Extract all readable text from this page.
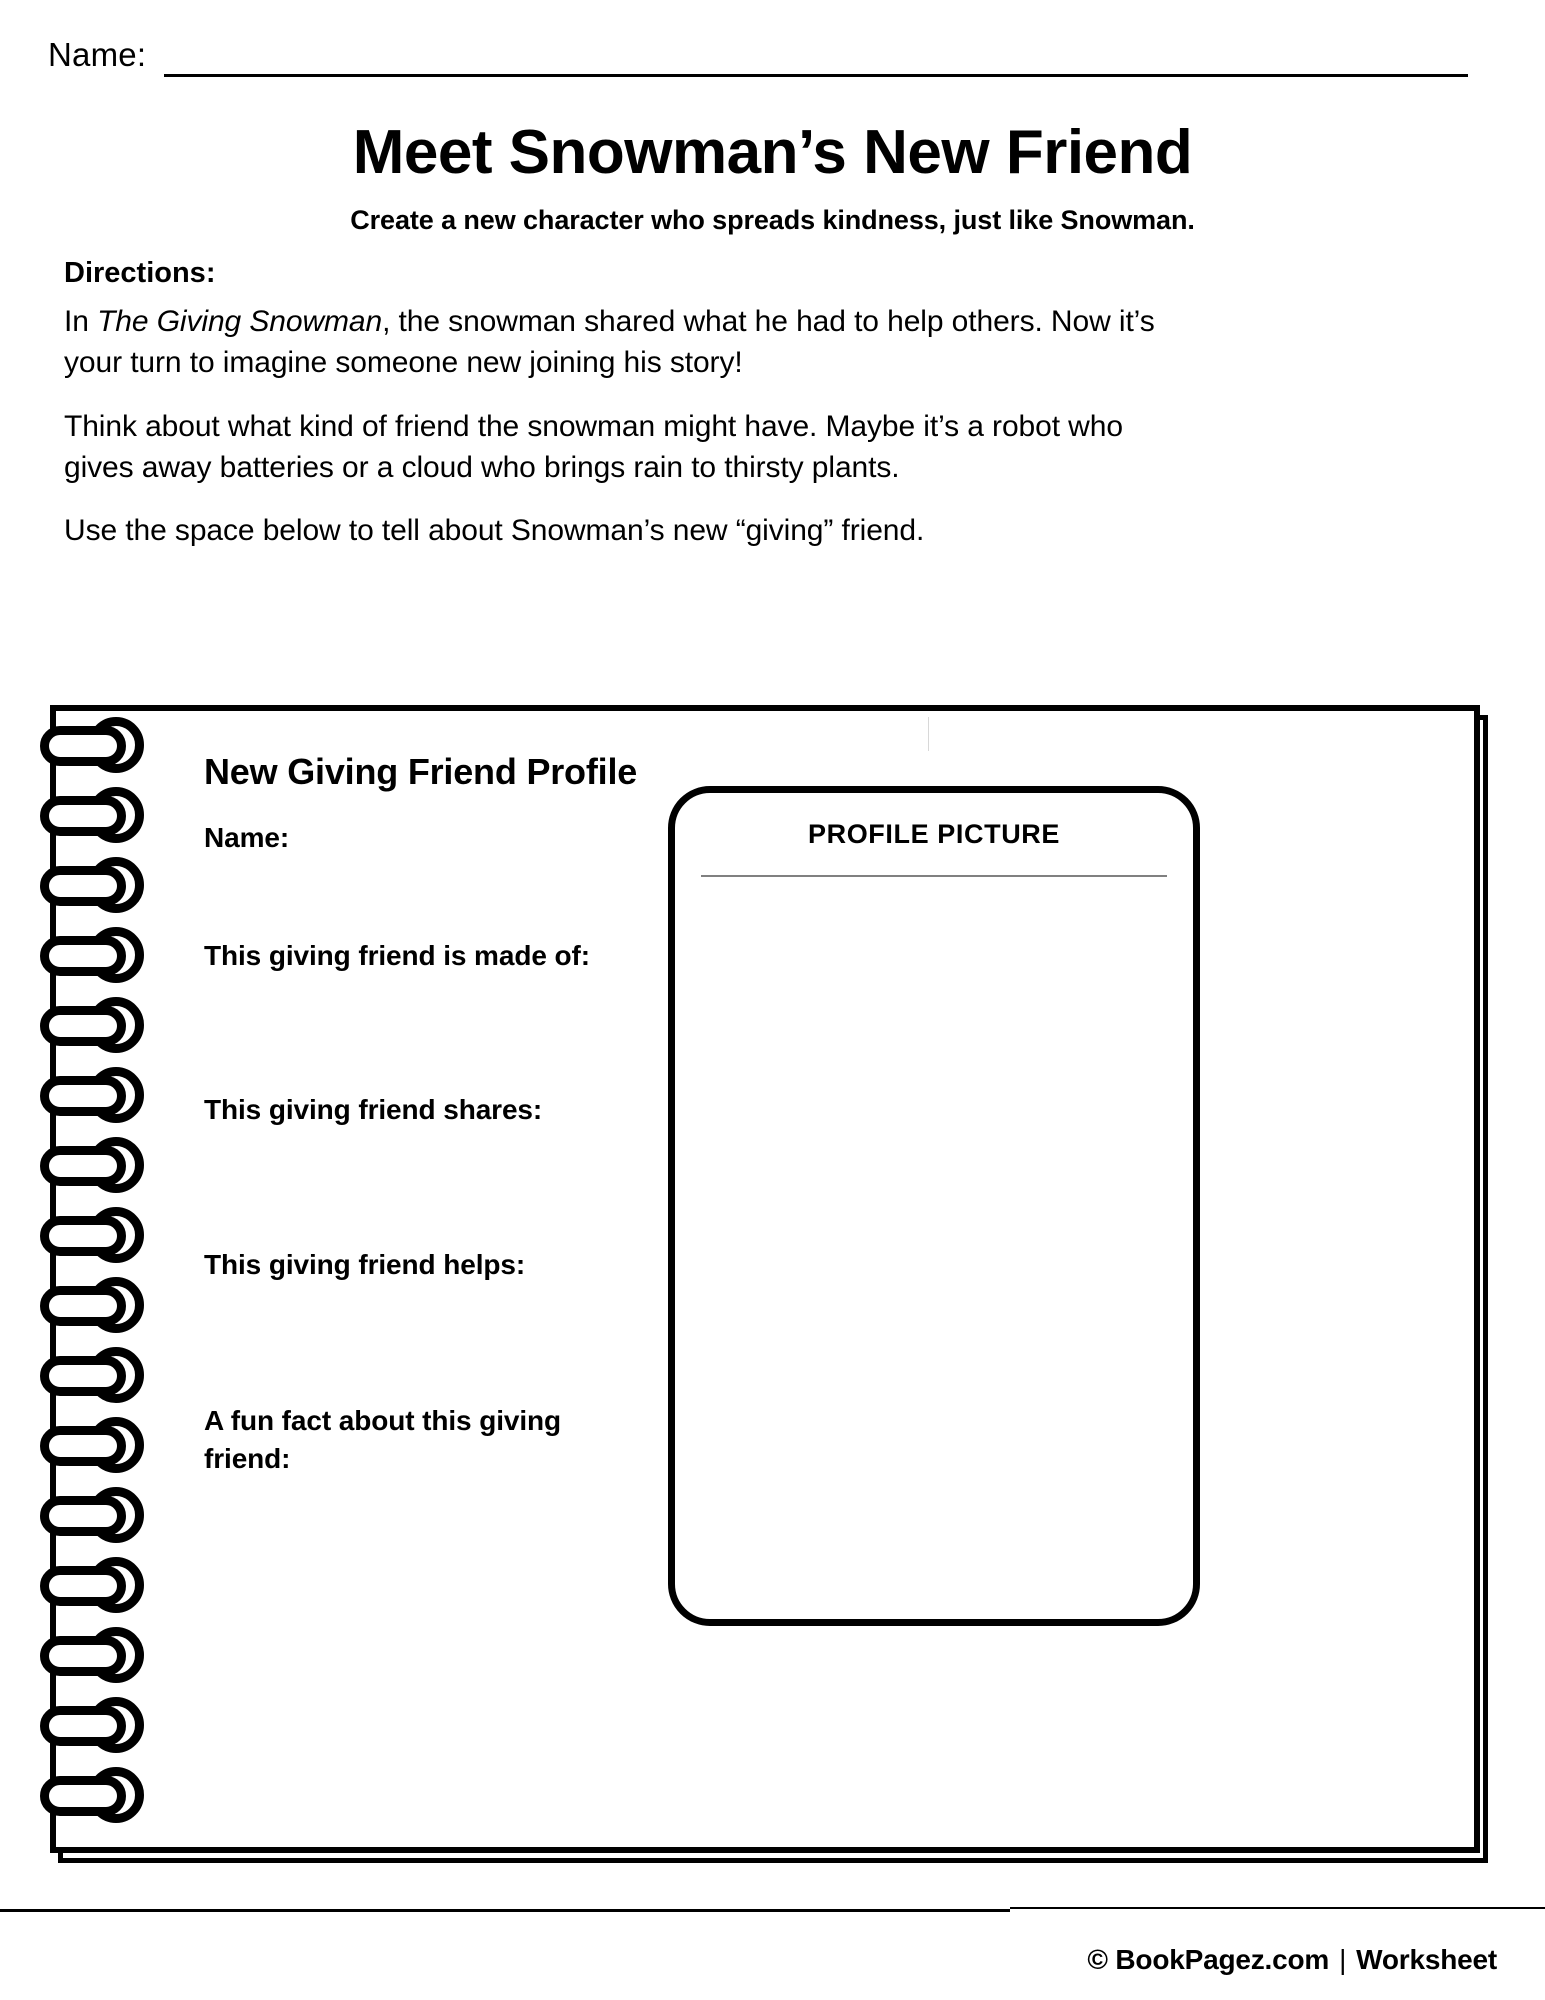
Name:
Meet Snowman’s New Friend
Create a new character who spreads kindness, just like Snowman.
Directions:

In The Giving Snowman, the snowman shared what he had to help others. Now it’s your turn to imagine someone new joining his story!

Think about what kind of friend the snowman might have. Maybe it’s a robot who gives away batteries or a cloud who brings rain to thirsty plants.

Use the space below to tell about Snowman’s new “giving” friend.

New Giving Friend Profile
Name:
This giving friend is made of:
This giving friend shares:
This giving friend helps:
A fun fact about this giving friend:
PROFILE PICTURE
© BookPagez.com | Worksheet
